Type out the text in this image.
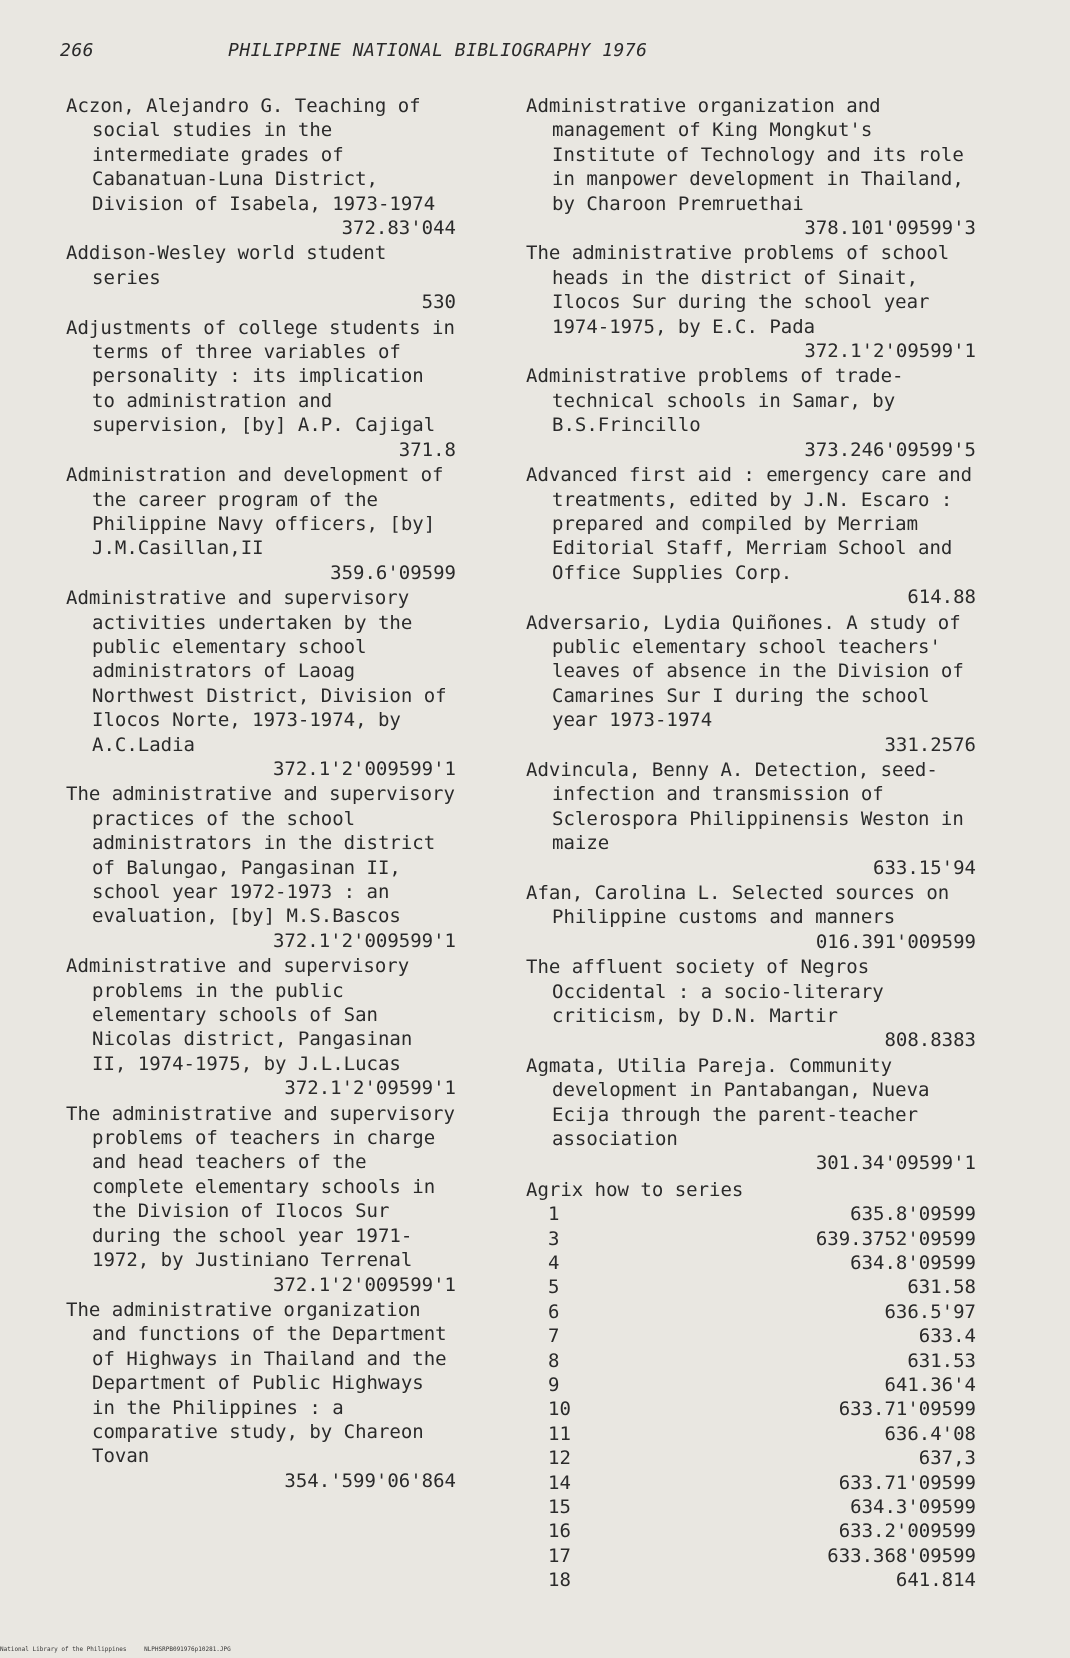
266	PHILIPPINE NATIONAL BIBLIOGRAPHY 1976
Aczon, Alejandro G. Teaching of social studies in the intermediate grades of Cabanatuan-Luna District, Division of Isabela, 1973-1974
372.83'044
Addison-Wesley world student series
530
Adjustments of college students in terms of three variables of personality : its implication to administration and supervision, [by] A.P. Cajigal
371.8
Administration and development of the career program of the Philippine Navy officers, [by] J.M.Casillan,II
359.6'09599
Administrative and supervisory activities undertaken by the public elementary school administrators of Laoag Northwest District, Division of Ilocos Norte, 1973-1974, by A.C.Ladia
372.1'2'009599'1
The administrative and supervisory practices of the school administrators in the district of Balungao, Pangasinan II, school year 1972-1973 : an evaluation, [by] M.S.Bascos
372.1'2'009599'1
Administrative and supervisory problems in the public elementary schools of San Nicolas district, Pangasinan II, 1974-1975, by J.L.Lucas
372.1'2'09599'1
The administrative and supervisory problems of teachers in charge and head teachers of the complete elementary schools in the Division of Ilocos Sur during the school year 1971-1972, by Justiniano Terrenal
372.1'2'009599'1
The administrative organization and functions of the Department of Highways in Thailand and the Department of Public Highways in the Philippines : a comparative study, by Chareon Tovan
354.'599'06'864
Administrative organization and management of King Mongkut's Institute of Technology and its role in manpower development in Thailand, by Charoon Premruethai
378.101'09599'3
The administrative problems of school heads in the district of Sinait, Ilocos Sur during the school year 1974-1975, by E.C. Pada
372.1'2'09599'1
Administrative problems of trade-technical schools in Samar, by B.S.Frincillo
373.246'09599'5
Advanced first aid : emergency care and treatments, edited by J.N. Escaro : prepared and compiled by Merriam Editorial Staff, Merriam School and Office Supplies Corp.
614.88
Adversario, Lydia Quiñones. A study of public elementary school teachers' leaves of absence in the Division of Camarines Sur I during the school year 1973-1974
331.2576
Advincula, Benny A. Detection, seed-infection and transmission of Sclerospora Philippinensis Weston in maize
633.15'94
Afan, Carolina L. Selected sources on Philippine customs and manners
016.391'009599
The affluent society of Negros Occidental : a socio-literary criticism, by D.N. Martir
808.8383
Agmata, Utilia Pareja. Community development in Pantabangan, Nueva Ecija through the parent-teacher association
301.34'09599'1
Agrix how to series
1	635.8'09599
3	639.3752'09599
4	634.8'09599
5	631.58
6	636.5'97
7	633.4
8	631.53
9	641.36'4
10	633.71'09599
11	636.4'08
12	637,3
14	633.71'09599
15	634.3'09599
16	633.2'009599
17	633.368'09599
18	641.814
National Library of the Philippines	NLPHSRPB091976p10281.JPG
